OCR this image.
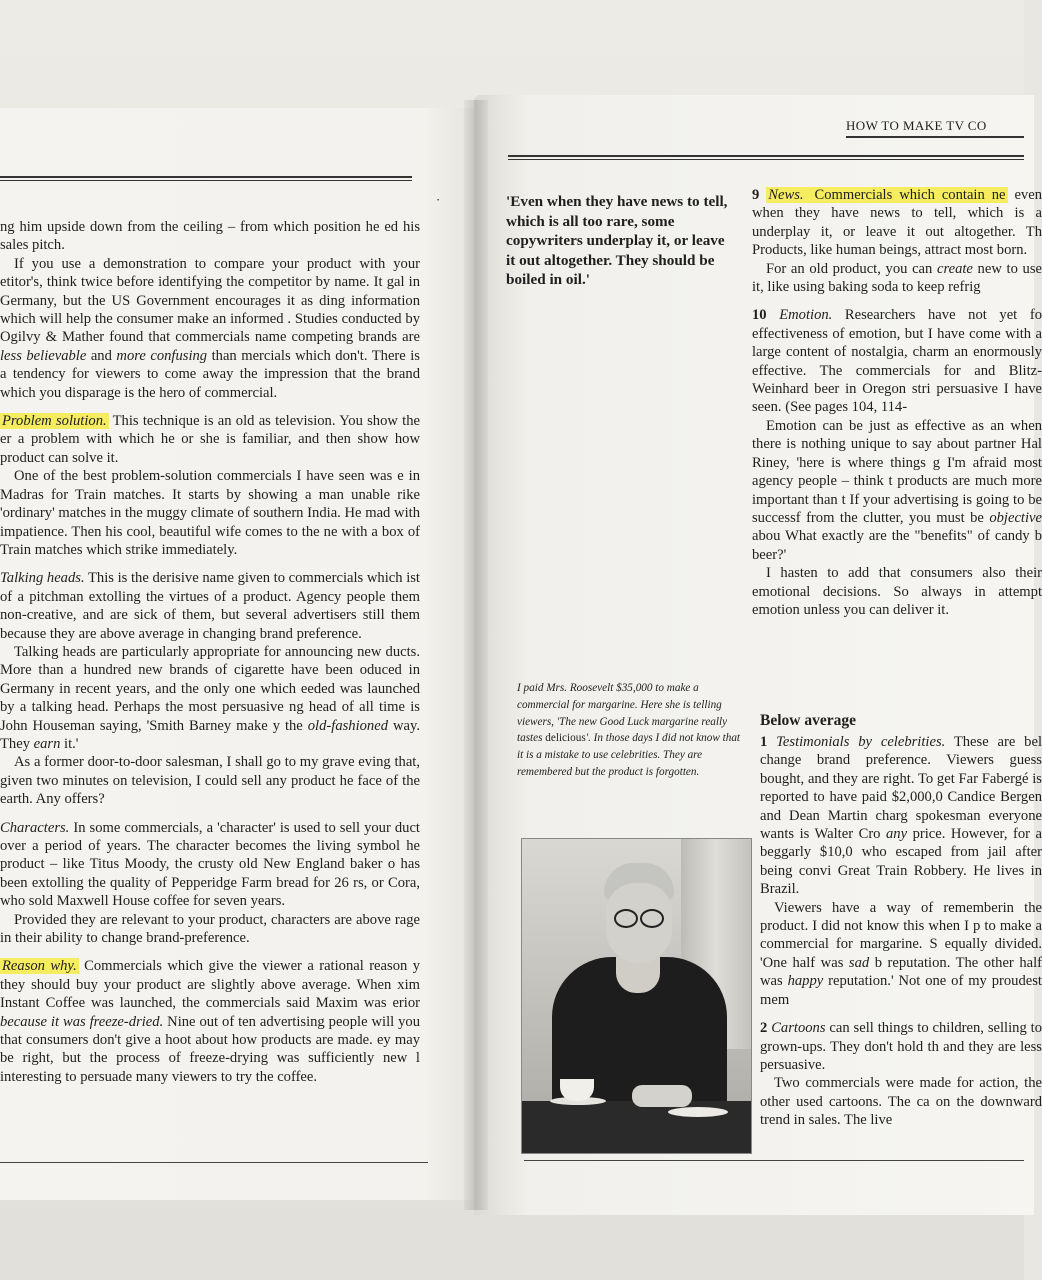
HOW TO MAKE TV CO
·

ng him upside down from the ceiling – from which position he ed his sales pitch.

If you use a demonstration to compare your product with your etitor's, think twice before identifying the competitor by name. It gal in Germany, but the US Government encourages it as ding information which will help the consumer make an informed . Studies conducted by Ogilvy & Mather found that commercials name competing brands are less believable and more confusing than mercials which don't. There is a tendency for viewers to come away the impression that the brand which you disparage is the hero of commercial.

Problem solution. This technique is an old as television. You show the er a problem with which he or she is familiar, and then show how product can solve it.

One of the best problem-solution commercials I have seen was e in Madras for Train matches. It starts by showing a man unable rike 'ordinary' matches in the muggy climate of southern India. He mad with impatience. Then his cool, beautiful wife comes to the ne with a box of Train matches which strike immediately.

Talking heads. This is the derisive name given to commercials which ist of a pitchman extolling the virtues of a product. Agency people them non-creative, and are sick of them, but several advertisers still them because they are above average in changing brand preference.

Talking heads are particularly appropriate for announcing new ducts. More than a hundred new brands of cigarette have been oduced in Germany in recent years, and the only one which eeded was launched by a talking head. Perhaps the most persuasive ng head of all time is John Houseman saying, 'Smith Barney make y the old-fashioned way. They earn it.'

As a former door-to-door salesman, I shall go to my grave eving that, given two minutes on television, I could sell any product he face of the earth. Any offers?

Characters. In some commercials, a 'character' is used to sell your duct over a period of years. The character becomes the living symbol he product – like Titus Moody, the crusty old New England baker o has been extolling the quality of Pepperidge Farm bread for 26 rs, or Cora, who sold Maxwell House coffee for seven years.

Provided they are relevant to your product, characters are above rage in their ability to change brand-preference.

Reason why. Commercials which give the viewer a rational reason y they should buy your product are slightly above average. When xim Instant Coffee was launched, the commercials said Maxim was erior because it was freeze-dried. Nine out of ten advertising people will you that consumers don't give a hoot about how products are made. ey may be right, but the process of freeze-drying was sufficiently new l interesting to persuade many viewers to try the coffee.

'Even when they have news to tell, which is all too rare, some copywriters underplay it, or leave it out altogether. They should be boiled in oil.'
I paid Mrs. Roosevelt $35,000 to make a commercial for margarine. Here she is telling viewers, 'The new Good Luck margarine really tastes delicious'. In those days I did not know that it is a mistake to use celebrities. They are remembered but the product is forgotten.

9 News. Commercials which contain ne even when they have news to tell, which is a underplay it, or leave it out altogether. Th Products, like human beings, attract most born.

For an old product, you can create new to use it, like using baking soda to keep refrig

10 Emotion. Researchers have not yet fo effectiveness of emotion, but I have come with a large content of nostalgia, charm an enormously effective. The commercials for and Blitz-Weinhard beer in Oregon stri persuasive I have seen. (See pages 104, 114-

Emotion can be just as effective as an when there is nothing unique to say about partner Hal Riney, 'here is where things g I'm afraid most agency people – think t products are much more important than t If your advertising is going to be successf from the clutter, you must be objective abou What exactly are the "benefits" of candy b beer?'

I hasten to add that consumers also their emotional decisions. So always in attempt emotion unless you can deliver it.

Below average

1 Testimonials by celebrities. These are bel change brand preference. Viewers guess bought, and they are right. To get Far Fabergé is reported to have paid $2,000,0 Candice Bergen and Dean Martin charg spokesman everyone wants is Walter Cro any price. However, for a beggarly $10,0 who escaped from jail after being convi Great Train Robbery. He lives in Brazil.

Viewers have a way of rememberin the product. I did not know this when I p to make a commercial for margarine. S equally divided. 'One half was sad b reputation. The other half was happy reputation.' Not one of my proudest mem

2 Cartoons can sell things to children, selling to grown-ups. They don't hold th and they are less persuasive.

Two commercials were made for action, the other used cartoons. The ca on the downward trend in sales. The live
